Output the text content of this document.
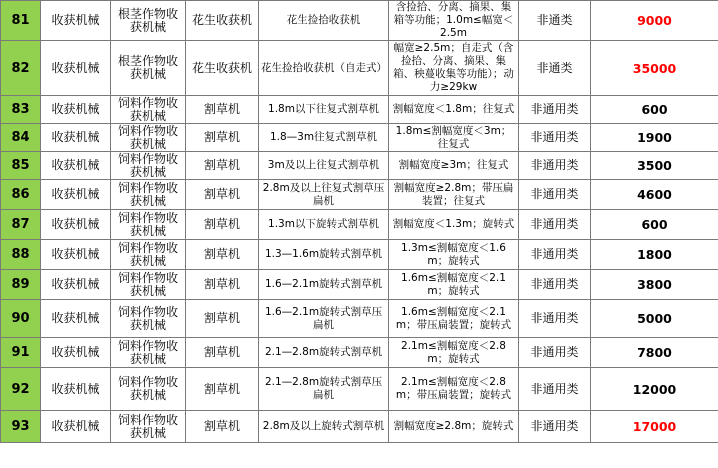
81	收获机械	根茎作物收获机械	花生收获机	花生捡拾收获机	含捡拾、分离、摘果、集箱等功能；1.0m≤幅宽＜2.5m	非通类	9000
82	收获机械	根茎作物收获机械	花生收获机	花生捡拾收获机（自走式）	幅宽≥2.5m；自走式（含捡拾、分离、摘果、集箱、秧蔓收集等功能）；动力≥29kw	非通类	35000
83	收获机械	饲料作物收获机械	割草机	1.8m以下往复式割草机	割幅宽度＜1.8m；往复式	非通用类	600
84	收获机械	饲料作物收获机械	割草机	1.8—3m往复式割草机	1.8m≤割幅宽度＜3m；往复式	非通用类	1900
85	收获机械	饲料作物收获机械	割草机	3m及以上往复式割草机	割幅宽度≥3m；往复式	非通用类	3500
86	收获机械	饲料作物收获机械	割草机	2.8m及以上往复式割草压扁机	割幅宽度≥2.8m；带压扁装置；往复式	非通用类	4600
87	收获机械	饲料作物收获机械	割草机	1.3m以下旋转式割草机	割幅宽度＜1.3m；旋转式	非通用类	600
88	收获机械	饲料作物收获机械	割草机	1.3—1.6m旋转式割草机	1.3m≤割幅宽度＜1.6m；旋转式	非通用类	1800
89	收获机械	饲料作物收获机械	割草机	1.6—2.1m旋转式割草机	1.6m≤割幅宽度＜2.1m；旋转式	非通用类	3800
90	收获机械	饲料作物收获机械	割草机	1.6—2.1m旋转式割草压扁机	1.6m≤割幅宽度＜2.1m；带压扁装置；旋转式	非通用类	5000
91	收获机械	饲料作物收获机械	割草机	2.1—2.8m旋转式割草机	2.1m≤割幅宽度＜2.8m；旋转式	非通用类	7800
92	收获机械	饲料作物收获机械	割草机	2.1—2.8m旋转式割草压扁机	2.1m≤割幅宽度＜2.8m；带压扁装置；旋转式	非通用类	12000
93	收获机械	饲料作物收获机械	割草机	2.8m及以上旋转式割草机	割幅宽度≥2.8m；旋转式	非通用类	17000
